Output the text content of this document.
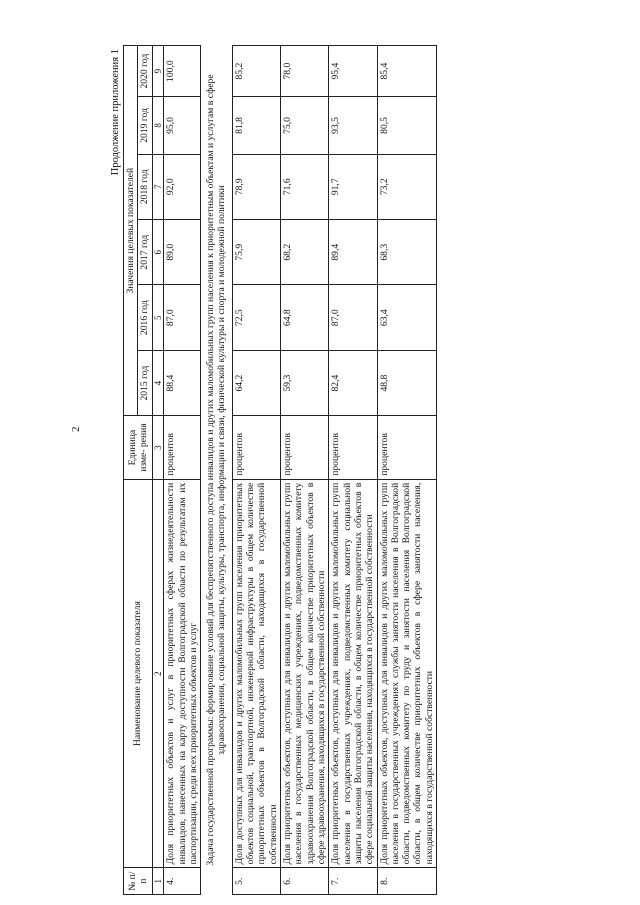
2
Продолжение приложения 1
№ п/п	Наименование целевого показателя	Единица изме- рения	Значения целевых показателей					
			2015 год	2016 год	2017 год	2018 год	2019 год	2020 год
1	2	3	4	5	6	7	8	9
4.	Доля приоритетных объектов и услуг в приоритетных сферах жизнедеятельности инвалидов, нанесенных на карту доступности Волгоградской области по результатам их паспортизации, среди всех приоритетных объектов и услуг	процентов	88,4	87,0	89,0	92,0	95,0	100,0
Задача государственной программы: формирование условий для беспрепятственного доступа инвалидов и других маломобильных групп населения к приоритетным объектам и услугам в сфере здравоохранения, социальной защиты, культуры, транспорта, информации и связи, физической культуры и спорта и молодежной политики								
5.	Доля доступных для инвалидов и других маломобильных групп населения приоритетных объектов социальной, транспортной, инженерной инфраструктуры в общем количестве приоритетных объектов в Волгоградской области, находящихся в государственной собственности	процентов	64,2	72,5	75,9	78,9	81,8	85,2
6.	Доля приоритетных объектов, доступных для инвалидов и других маломобильных групп населения в государственных медицинских учреждениях, подведомственных комитету здравоохранения Волгоградской области, в общем количестве приоритетных объектов в сфере здравоохранения, находящихся в государственной собственности	процентов	59,3	64,8	68,2	71,6	75,0	78,0
7.	Доля приоритетных объектов, доступных для инвалидов и других маломобильных групп населения в государственных учреждениях, подведомственных комитету социальной защиты населения Волгоградской области, в общем количестве приоритетных объектов в сфере социальной защиты населения, находящихся в государственной собственности	процентов	82,4	87,0	89,4	91,7	93,5	95,4
8.	Доля приоритетных объектов, доступных для инвалидов и других маломобильных групп населения в государственных учреждениях службы занятости населения в Волгоградской области, подведомственных комитету по труду и занятости населения Волгоградской области, в общем количестве приоритетных объектов в сфере занятости населения, находящихся в государственной собственности	процентов	48,8	63,4	68,3	73,2	80,5	85,4
